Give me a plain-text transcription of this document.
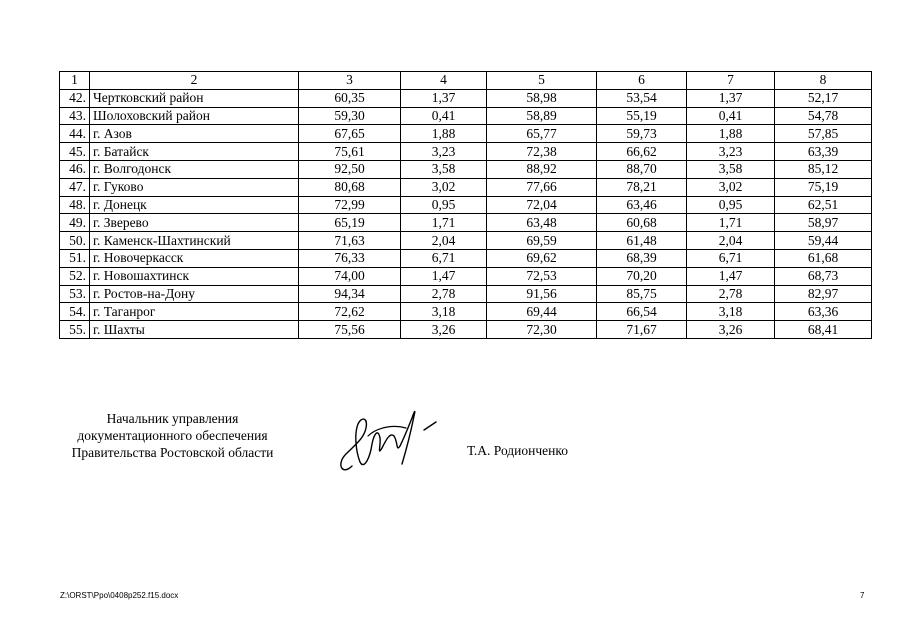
1	2	3	4	5	6	7	8
42.	Чертковский район	60,35	1,37	58,98	53,54	1,37	52,17
43.	Шолоховский район	59,30	0,41	58,89	55,19	0,41	54,78
44.	г. Азов	67,65	1,88	65,77	59,73	1,88	57,85
45.	г. Батайск	75,61	3,23	72,38	66,62	3,23	63,39
46.	г. Волгодонск	92,50	3,58	88,92	88,70	3,58	85,12
47.	г. Гуково	80,68	3,02	77,66	78,21	3,02	75,19
48.	г. Донецк	72,99	0,95	72,04	63,46	0,95	62,51
49.	г. Зверево	65,19	1,71	63,48	60,68	1,71	58,97
50.	г. Каменск-Шахтинский	71,63	2,04	69,59	61,48	2,04	59,44
51.	г. Новочеркасск	76,33	6,71	69,62	68,39	6,71	61,68
52.	г. Новошахтинск	74,00	1,47	72,53	70,20	1,47	68,73
53.	г. Ростов-на-Дону	94,34	2,78	91,56	85,75	2,78	82,97
54.	г. Таганрог	72,62	3,18	69,44	66,54	3,18	63,36
55.	г. Шахты	75,56	3,26	72,30	71,67	3,26	68,41
Начальник управления
документационного обеспечения
Правительства Ростовской области	Т.А. Родионченко
Z:\ORST\Ppo\0408p252.f15.docx	7
